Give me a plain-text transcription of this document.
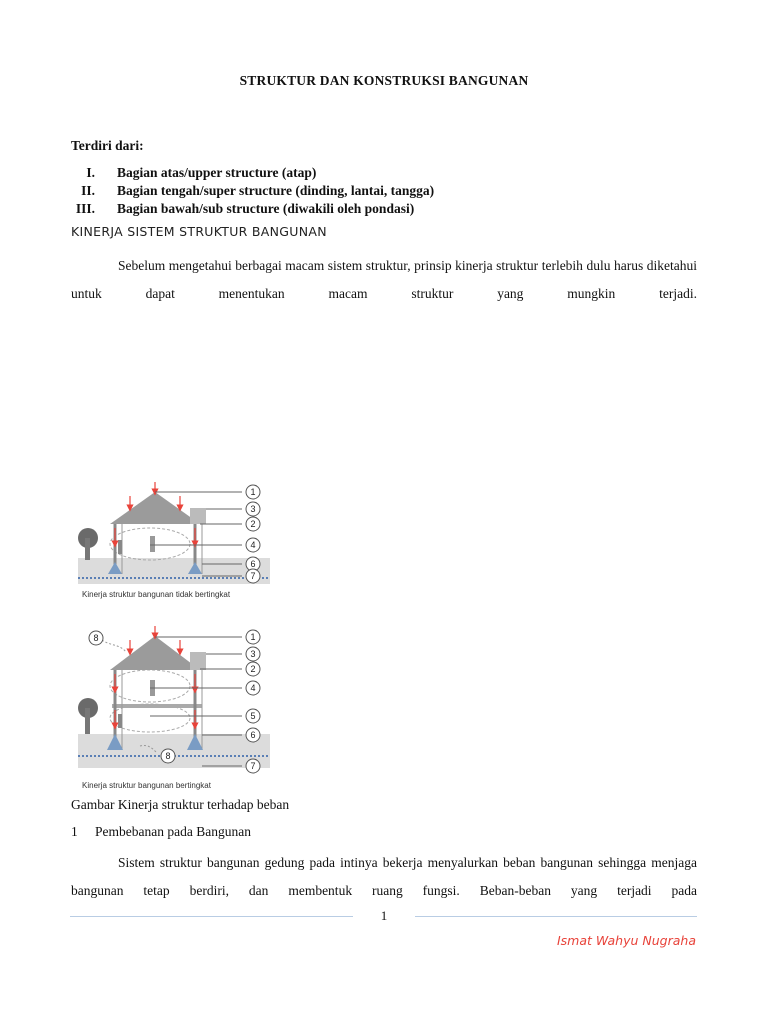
STRUKTUR DAN KONSTRUKSI BANGUNAN
Terdiri dari:
I. Bagian atas/upper structure (atap)
II. Bagian tengah/super structure (dinding, lantai, tangga)
III. Bagian bawah/sub structure (diwakili oleh pondasi)
KINERJA SISTEM STRUKTUR BANGUNAN
Sebelum mengetahui berbagai macam sistem struktur, prinsip kinerja struktur terlebih dulu harus diketahui untuk dapat menentukan macam struktur yang mungkin terjadi.
1
3
2
4
6
7
Kinerja struktur bangunan tidak bertingkat
8	1
3
2
4
5
6
8
7
Kinerja struktur bangunan bertingkat
Gambar Kinerja struktur terhadap beban
1	Pembebanan pada Bangunan
Sistem struktur bangunan gedung pada intinya bekerja menyalurkan beban bangunan sehingga menjaga bangunan tetap berdiri, dan membentuk ruang fungsi. Beban-beban yang terjadi pada
1
Ismat Wahyu Nugraha
